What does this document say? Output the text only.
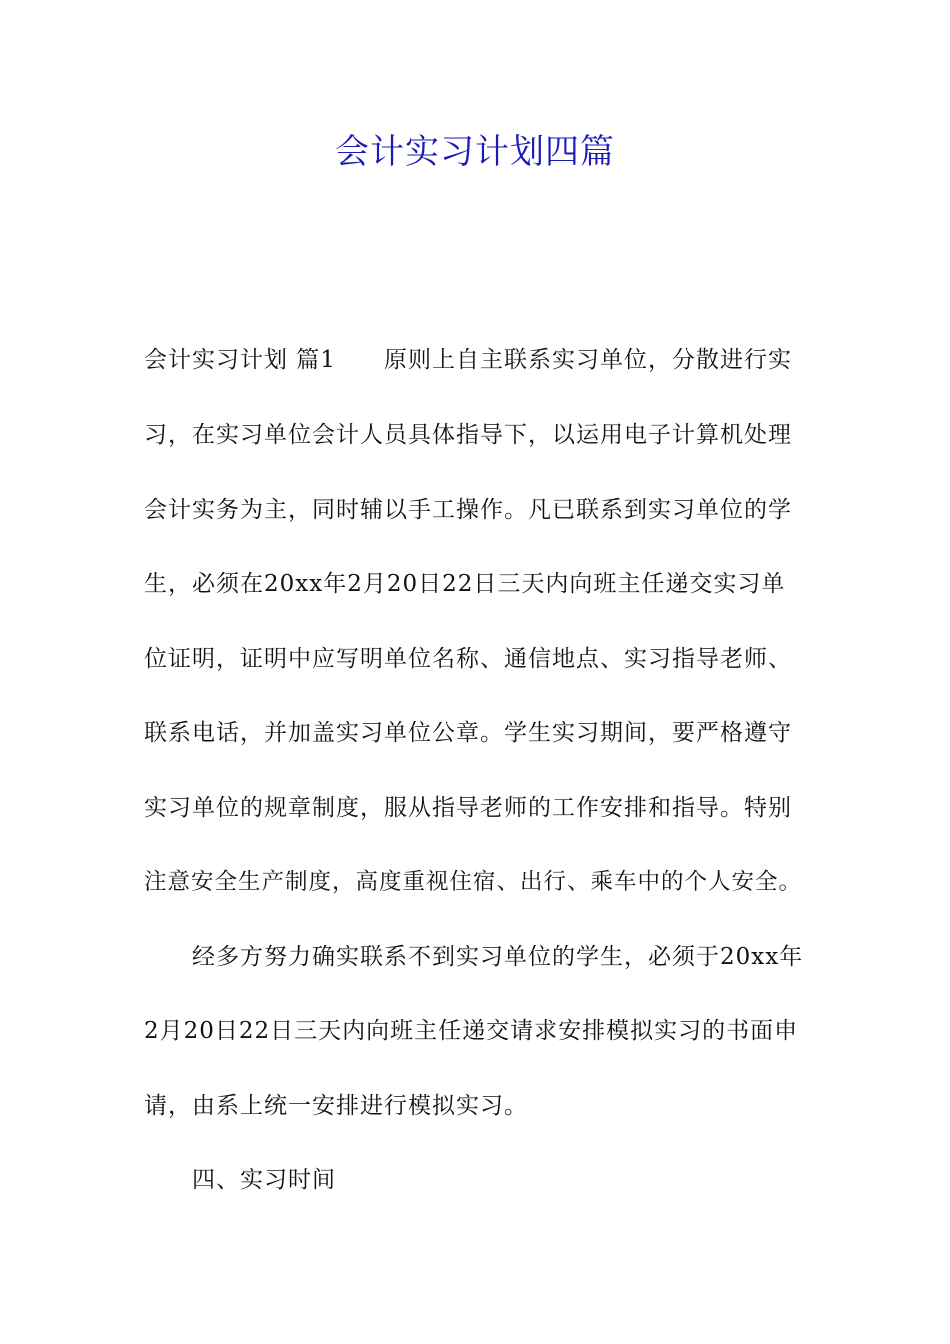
会计实习计划四篇
会计实习计划 篇1　　原则上自主联系实习单位，分散进行实
习，在实习单位会计人员具体指导下，以运用电子计算机处理
会计实务为主，同时辅以手工操作。凡已联系到实习单位的学
生，必须在20xx年2月20日22日三天内向班主任递交实习单
位证明，证明中应写明单位名称、通信地点、实习指导老师、
联系电话，并加盖实习单位公章。学生实习期间，要严格遵守
实习单位的规章制度，服从指导老师的工作安排和指导。特别
注意安全生产制度，高度重视住宿、出行、乘车中的个人安全。
　　经多方努力确实联系不到实习单位的学生，必须于20xx年
2月20日22日三天内向班主任递交请求安排模拟实习的书面申
请，由系上统一安排进行模拟实习。
　　四、实习时间
